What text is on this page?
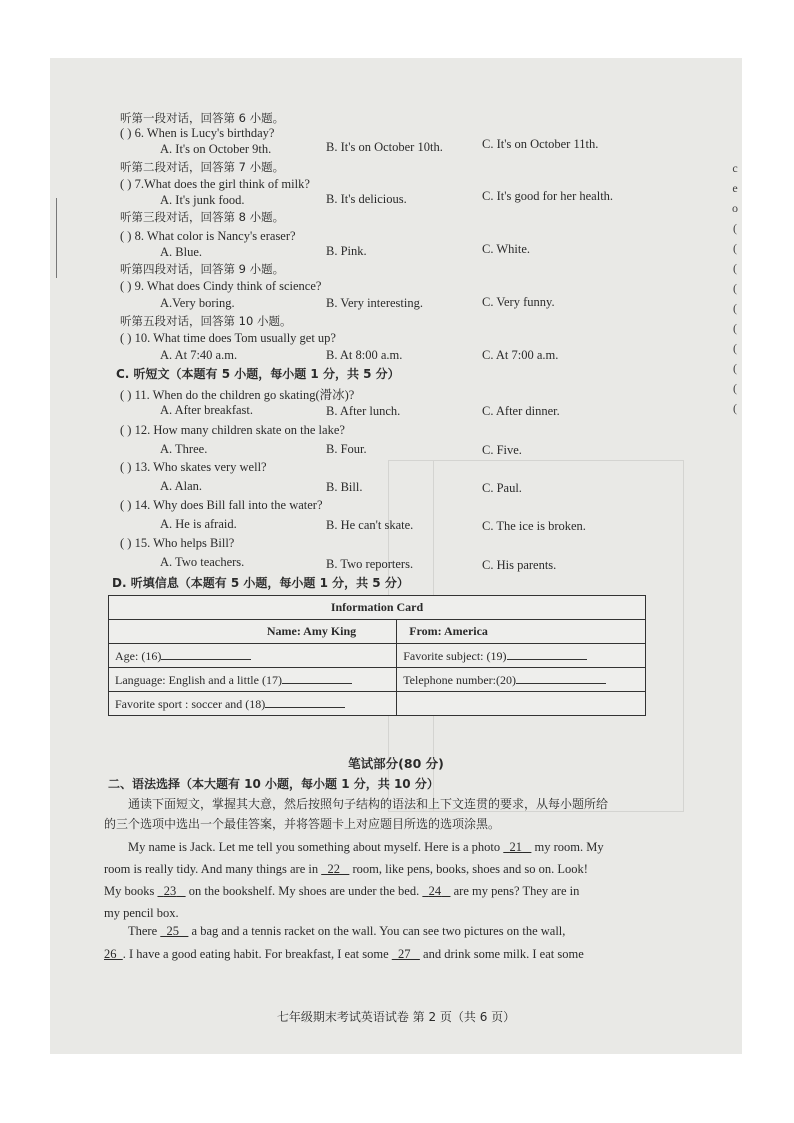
c
e
o
(
(
(
(
(
(
(
(
(
(
听第一段对话，回答第 6 小题。
( ) 6. When is Lucy's birthday?
A. It's on October 9th.	B. It's on October 10th.	C. It's on October 11th.
听第二段对话，回答第 7 小题。
( ) 7.What does the girl think of milk?
A. It's junk food.	B. It's delicious.	C. It's good for her health.
听第三段对话，回答第 8 小题。
( ) 8. What color is Nancy's eraser?
A. Blue.	B. Pink.	C. White.
听第四段对话，回答第 9 小题。
( ) 9. What does Cindy think of science?
A.Very boring.	B. Very interesting.	C. Very funny.
听第五段对话，回答第 10 小题。
( ) 10. What time does Tom usually get up?
A. At 7:40 a.m.	B. At 8:00 a.m.	C. At 7:00 a.m.
C. 听短文（本题有 5 小题，每小题 1 分，共 5 分）
( ) 11. When do the children go skating(滑冰)?
A. After breakfast.	B. After lunch.	C. After dinner.
( ) 12. How many children skate on the lake?
A. Three.	B. Four.	C. Five.
( ) 13. Who skates very well?
A. Alan.	B. Bill.	C. Paul.
( ) 14. Why does Bill fall into the water?
A. He is afraid.	B. He can't skate.	C. The ice is broken.
( ) 15. Who helps Bill?
A. Two teachers.	B. Two reporters.	C. His parents.
D. 听填信息（本题有 5 小题，每小题 1 分，共 5 分）
Information Card	
Name: Amy King	From: America
Age: (16)	Favorite subject: (19)
Language: English and a little (17)	Telephone number:(20)
Favorite sport : soccer and (18)	
笔试部分(80 分)
二、语法选择（本大题有 10 小题，每小题 1 分，共 10 分）
通读下面短文，掌握其大意，然后按照句子结构的语法和上下文连贯的要求，从每小题所给
的三个选项中选出一个最佳答案，并将答题卡上对应题目所选的选项涂黑。
My name is Jack. Let me tell you something about myself. Here is a photo 21 my room. My
room is really tidy. And many things are in 22 room, like pens, books, shoes and so on. Look!
My books 23 on the bookshelf. My shoes are under the bed. 24 are my pens? They are in
my pencil box.
There 25 a bag and a tennis racket on the wall. You can see two pictures on the wall,
26 . I have a good eating habit. For breakfast, I eat some 27 and drink some milk. I eat some
七年级期末考试英语试卷 第 2 页（共 6 页）
